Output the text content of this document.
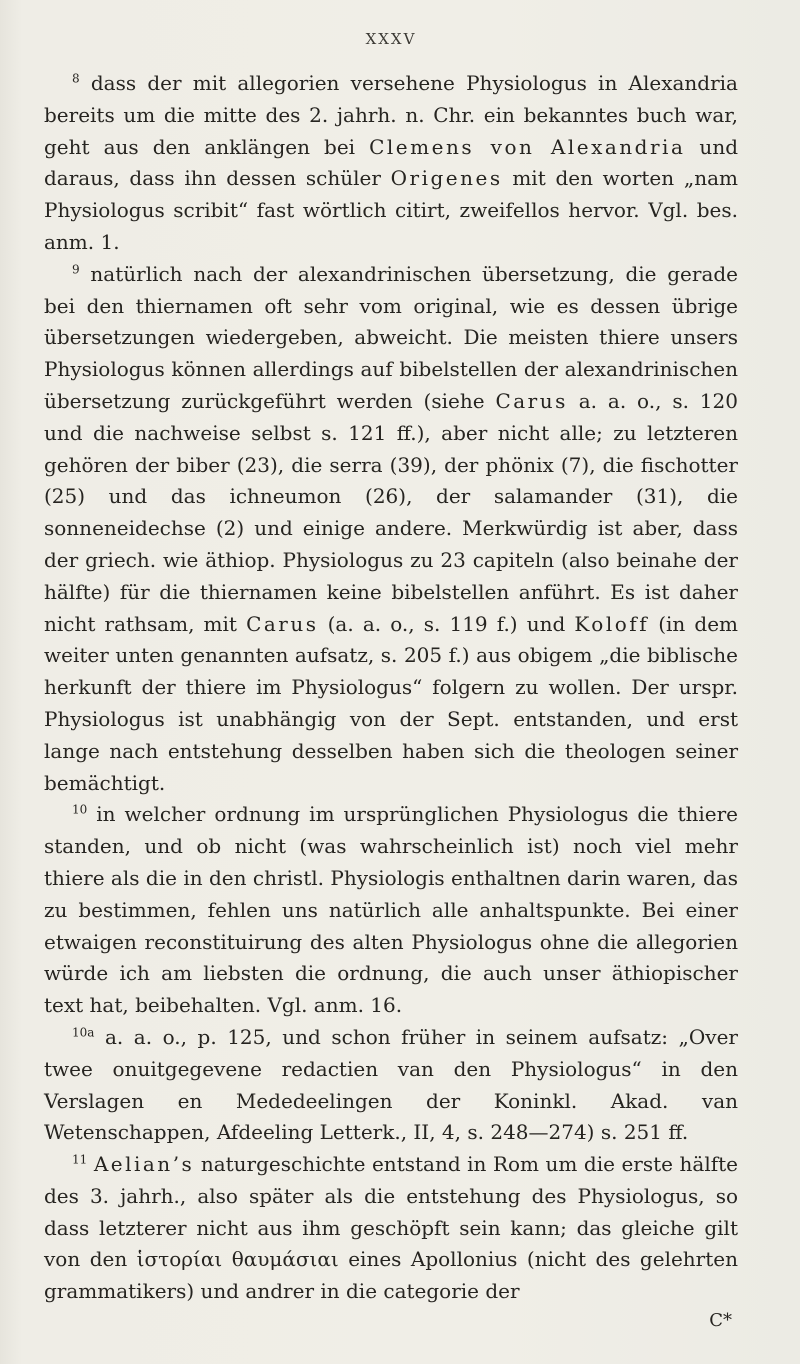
XXXV

$^8$ dass der mit allegorien versehene Physiologus in Alexandria bereits um die mitte des 2. jahrh. n. Chr. ein bekanntes buch war, geht aus den anklängen bei Clemens von Alexandria und daraus, dass ihn dessen schüler Origenes mit den worten „nam Physiologus scribit“ fast wörtlich citirt, zweifellos hervor. Vgl. bes. anm. 1.

$^9$ natürlich nach der alexandrinischen übersetzung, die gerade bei den thiernamen oft sehr vom original, wie es dessen übrige übersetzungen wiedergeben, abweicht. Die meisten thiere unsers Physiologus können allerdings auf bibelstellen der alexandrinischen übersetzung zurückgeführt werden (siehe Carus a. a. o., s. 120 und die nachweise selbst s. 121 ff.), aber nicht alle; zu letzteren gehören der biber (23), die serra (39), der phönix (7), die fischotter (25) und das ichneumon (26), der salamander (31), die sonneneidechse (2) und einige andere. Merkwürdig ist aber, dass der griech. wie äthiop. Physiologus zu 23 capiteln (also beinahe der hälfte) für die thiernamen keine bibelstellen anführt. Es ist daher nicht rathsam, mit Carus (a. a. o., s. 119 f.) und Koloff (in dem weiter unten genannten aufsatz, s. 205 f.) aus obigem „die biblische herkunft der thiere im Physiologus“ folgern zu wollen. Der urspr. Physiologus ist unabhängig von der Sept. entstanden, und erst lange nach entstehung desselben haben sich die theologen seiner bemächtigt.

$^{10}$ in welcher ordnung im ursprünglichen Physiologus die thiere standen, und ob nicht (was wahrscheinlich ist) noch viel mehr thiere als die in den christl. Physiologis enthaltnen darin waren, das zu bestimmen, fehlen uns natürlich alle anhaltspunkte. Bei einer etwaigen reconstituirung des alten Physiologus ohne die allegorien würde ich am liebsten die ordnung, die auch unser äthiopischer text hat, beibehalten. Vgl. anm. 16.

$^{10a}$ a. a. o., p. 125, und schon früher in seinem aufsatz: „Over twee onuitgegevene redactien van den Physiologus“ in den Verslagen en Mededeelingen der Koninkl. Akad. van Wetenschappen, Afdeeling Letterk., II, 4, s. 248—274) s. 251 ff.

$^{11}$ Aelian’s naturgeschichte entstand in Rom um die erste hälfte des 3. jahrh., also später als die entstehung des Physiologus, so dass letzterer nicht aus ihm geschöpft sein kann; das gleiche gilt von den ἱστορίαι θαυμάσιαι eines Apollonius (nicht des gelehrten grammatikers) und andrer in die categorie der

C*
